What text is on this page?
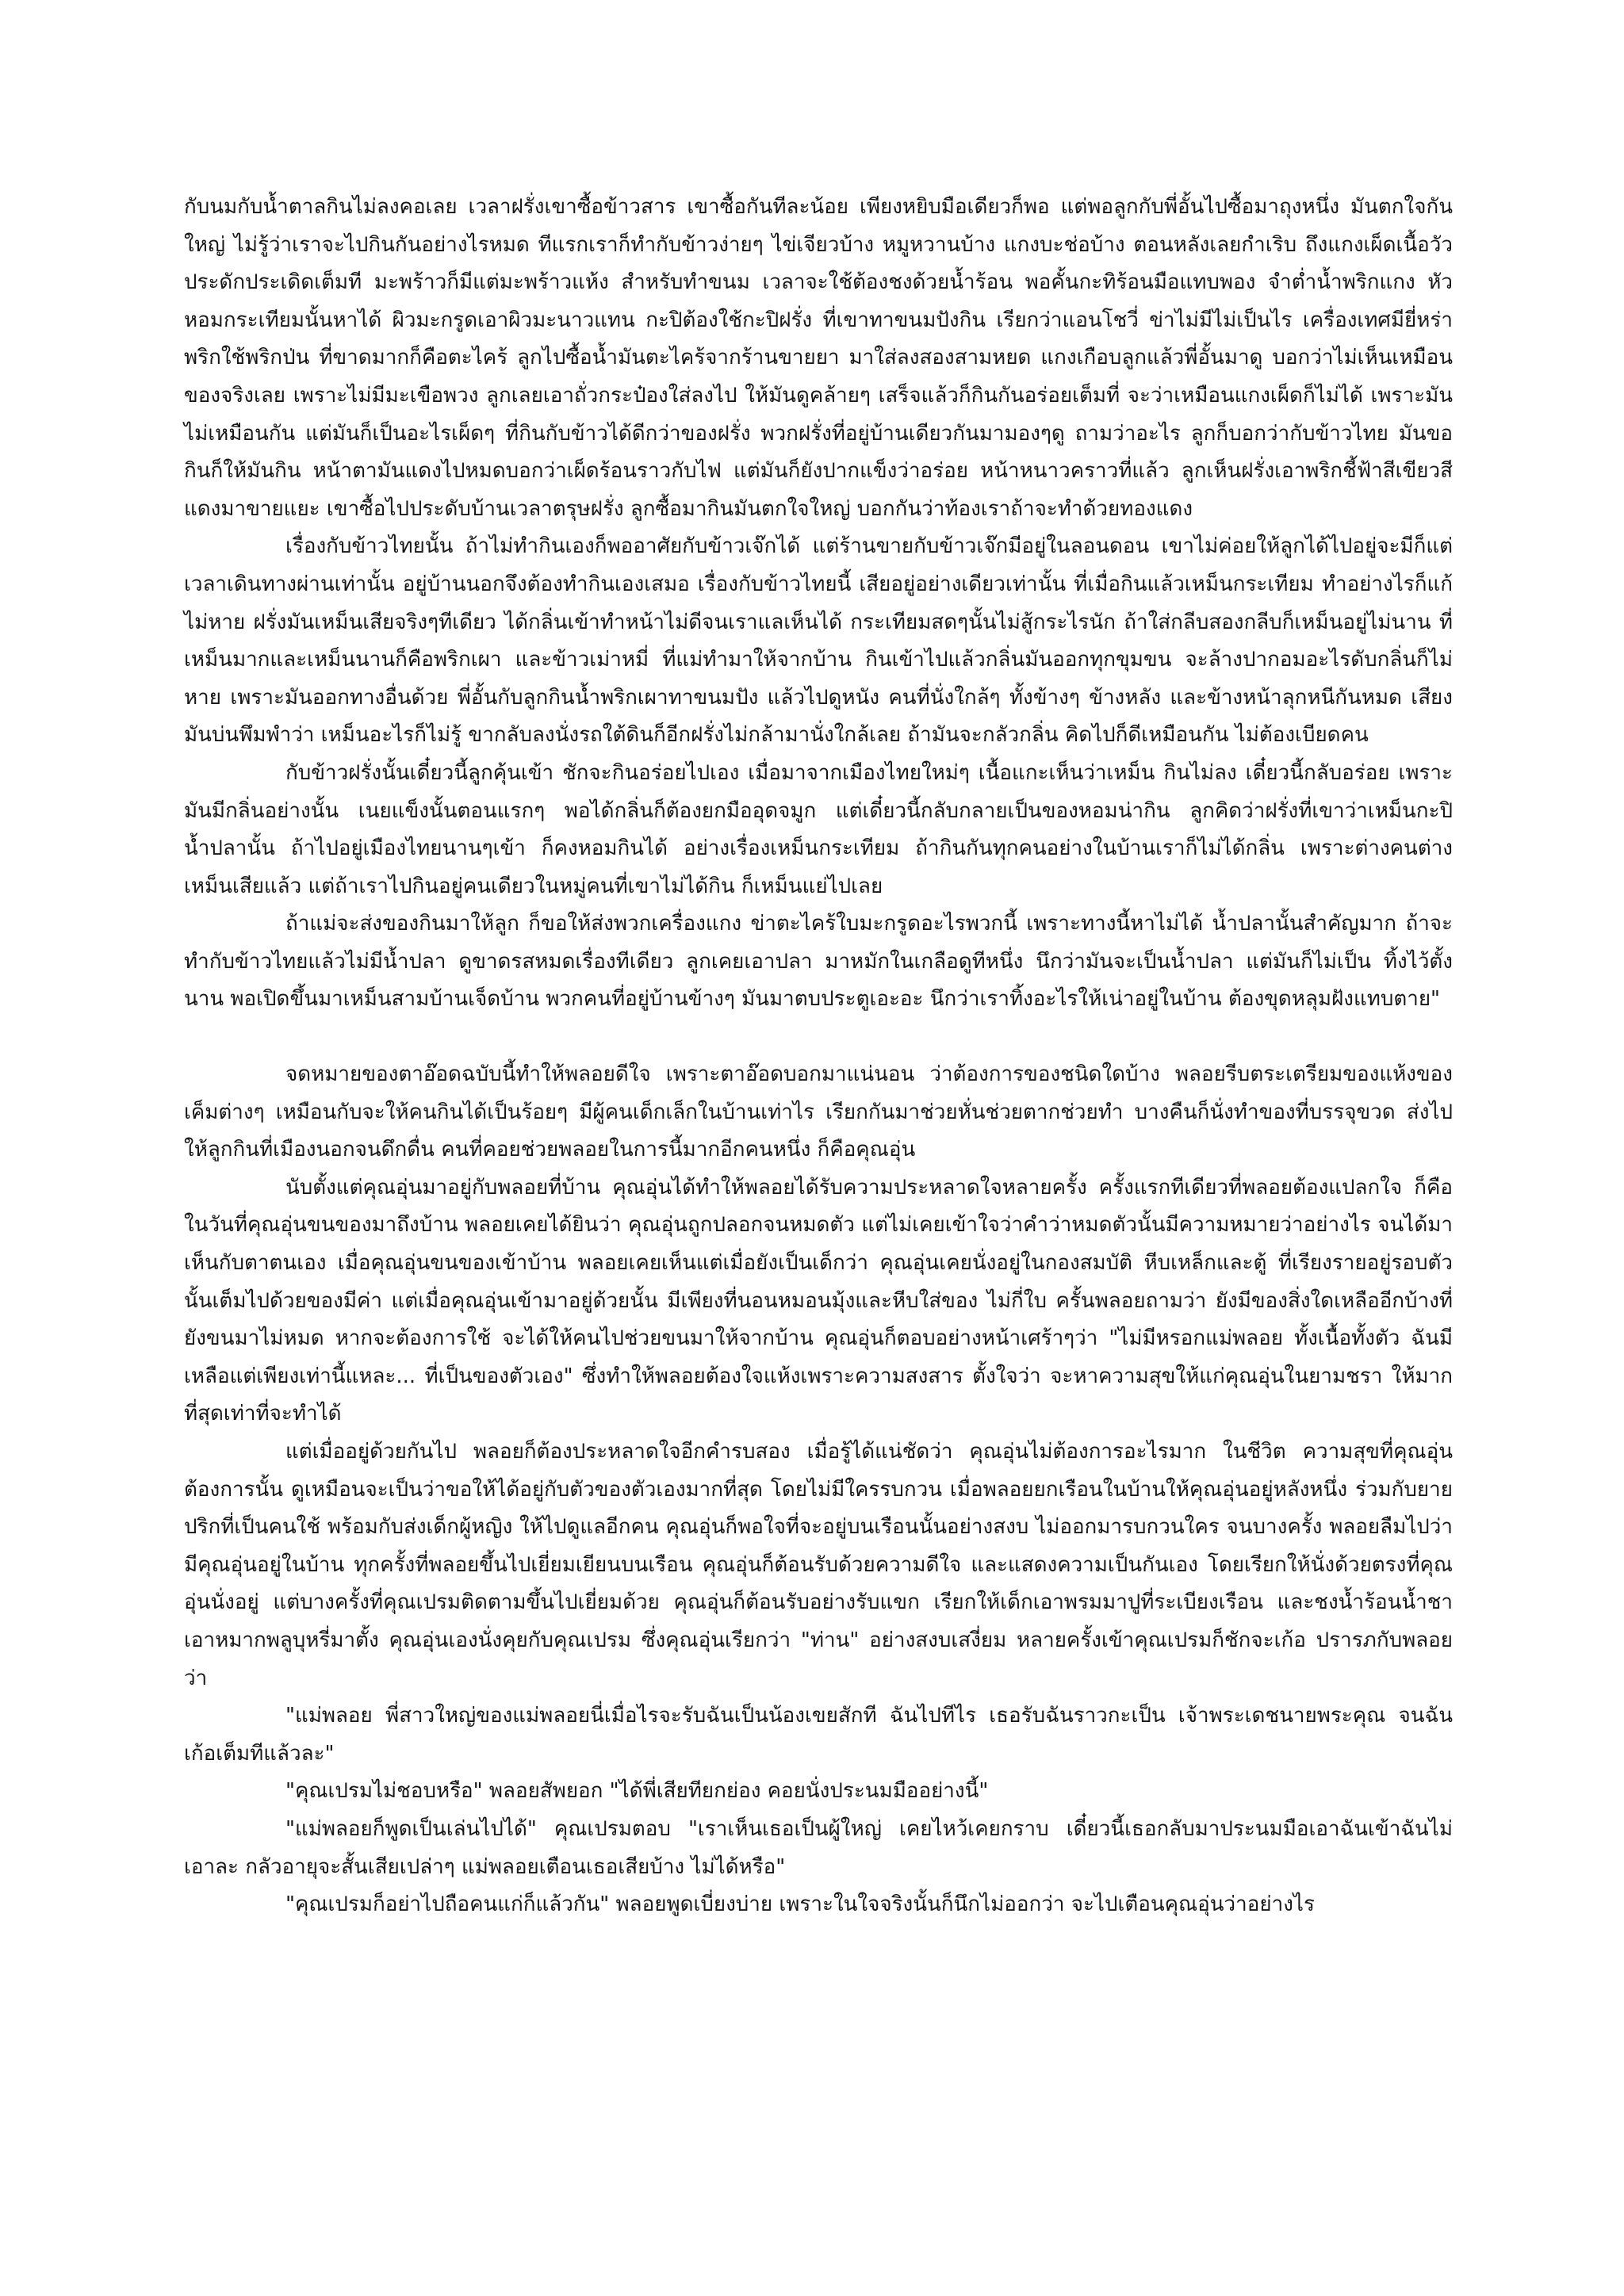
กับนมกับน้ำตาลกินไม่ลงคอเลย เวลาฝรั่งเขาซื้อข้าวสาร เขาซื้อกันทีละน้อย เพียงหยิบมือเดียวก็พอ แต่พอลูกกับพี่อั้นไปซื้อมาถุงหนึ่ง มันตกใจกันใหญ่ ไม่รู้ว่าเราจะไปกินกันอย่างไรหมด ทีแรกเราก็ทำกับข้าวง่ายๆ ไข่เจียวบ้าง หมูหวานบ้าง แกงบะช่อบ้าง ตอนหลังเลยกำเริบ ถึงแกงเผ็ดเนื้อวัว ประดักประเดิดเต็มที มะพร้าวก็มีแต่มะพร้าวแห้ง สำหรับทำขนม เวลาจะใช้ต้องชงด้วยน้ำร้อน พอคั้นกะทิร้อนมือแทบพอง จำต่ำน้ำพริกแกง หัวหอมกระเทียมนั้นหาได้ ผิวมะกรูดเอาผิวมะนาวแทน กะปิต้องใช้กะปิฝรั่ง ที่เขาทาขนมปังกิน เรียกว่าแอนโชวี่ ข่าไม่มีไม่เป็นไร เครื่องเทศมียี่หร่า พริกใช้พริกป่น ที่ขาดมากก็คือตะไคร้ ลูกไปซื้อน้ำมันตะไคร้จากร้านขายยา มาใส่ลงสองสามหยด แกงเกือบลูกแล้วพี่อั้นมาดู บอกว่าไม่เห็นเหมือนของจริงเลย เพราะไม่มีมะเขือพวง ลูกเลยเอาถั่วกระป๋องใส่ลงไป ให้มันดูคล้ายๆ เสร็จแล้วก็กินกันอร่อยเต็มที่ จะว่าเหมือนแกงเผ็ดก็ไม่ได้ เพราะมันไม่เหมือนกัน แต่มันก็เป็นอะไรเผ็ดๆ ที่กินกับข้าวได้ดีกว่าของฝรั่ง พวกฝรั่งที่อยู่บ้านเดียวกันมามองๆดู ถามว่าอะไร ลูกก็บอกว่ากับข้าวไทย มันขอกินก็ให้มันกิน หน้าตามันแดงไปหมดบอกว่าเผ็ดร้อนราวกับไฟ แต่มันก็ยังปากแข็งว่าอร่อย หน้าหนาวคราวที่แล้ว ลูกเห็นฝรั่งเอาพริกชี้ฟ้าสีเขียวสีแดงมาขายแยะ เขาซื้อไปประดับบ้านเวลาตรุษฝรั่ง ลูกซื้อมากินมันตกใจใหญ่ บอกกันว่าท้องเราถ้าจะทำด้วยทองแดง

เรื่องกับข้าวไทยนั้น ถ้าไม่ทำกินเองก็พออาศัยกับข้าวเจ๊กได้ แต่ร้านขายกับข้าวเจ๊กมีอยู่ในลอนดอน เขาไม่ค่อยให้ลูกได้ไปอยู่จะมีก็แต่เวลาเดินทางผ่านเท่านั้น อยู่บ้านนอกจึงต้องทำกินเองเสมอ เรื่องกับข้าวไทยนี้ เสียอยู่อย่างเดียวเท่านั้น ที่เมื่อกินแล้วเหม็นกระเทียม ทำอย่างไรก็แก้ไม่หาย ฝรั่งมันเหม็นเสียจริงๆทีเดียว ได้กลิ่นเข้าทำหน้าไม่ดีจนเราแลเห็นได้ กระเทียมสดๆนั้นไม่สู้กระไรนัก ถ้าใส่กลีบสองกลีบก็เหม็นอยู่ไม่นาน ที่เหม็นมากและเหม็นนานก็คือพริกเผา และข้าวเม่าหมี่ ที่แม่ทำมาให้จากบ้าน กินเข้าไปแล้วกลิ่นมันออกทุกขุมขน จะล้างปากอมอะไรดับกลิ่นก็ไม่หาย เพราะมันออกทางอื่นด้วย พี่อั้นกับลูกกินน้ำพริกเผาทาขนมปัง แล้วไปดูหนัง คนที่นั่งใกล้ๆ ทั้งข้างๆ ข้างหลัง และข้างหน้าลุกหนีกันหมด เสียงมันบ่นพึมพำว่า เหม็นอะไรก็ไม่รู้ ขากลับลงนั่งรถใต้ดินก็อีกฝรั่งไม่กล้ามานั่งใกล้เลย ถ้ามันจะกลัวกลิ่น คิดไปก็ดีเหมือนกัน ไม่ต้องเบียดคน

กับข้าวฝรั่งนั้นเดี๋ยวนี้ลูกคุ้นเข้า ชักจะกินอร่อยไปเอง เมื่อมาจากเมืองไทยใหม่ๆ เนื้อแกะเห็นว่าเหม็น กินไม่ลง เดี๋ยวนี้กลับอร่อย เพราะมันมีกลิ่นอย่างนั้น เนยแข็งนั้นตอนแรกๆ พอได้กลิ่นก็ต้องยกมืออุดจมูก แต่เดี๋ยวนี้กลับกลายเป็นของหอมน่ากิน ลูกคิดว่าฝรั่งที่เขาว่าเหม็นกะปิน้ำปลานั้น ถ้าไปอยู่เมืองไทยนานๆเข้า ก็คงหอมกินได้ อย่างเรื่องเหม็นกระเทียม ถ้ากินกันทุกคนอย่างในบ้านเราก็ไม่ได้กลิ่น เพราะต่างคนต่างเหม็นเสียแล้ว แต่ถ้าเราไปกินอยู่คนเดียวในหมู่คนที่เขาไม่ได้กิน ก็เหม็นแย่ไปเลย

ถ้าแม่จะส่งของกินมาให้ลูก ก็ขอให้ส่งพวกเครื่องแกง ข่าตะไคร้ใบมะกรูดอะไรพวกนี้ เพราะทางนี้หาไม่ได้ น้ำปลานั้นสำคัญมาก ถ้าจะทำกับข้าวไทยแล้วไม่มีน้ำปลา ดูขาดรสหมดเรื่องทีเดียว ลูกเคยเอาปลา มาหมักในเกลือดูทีหนึ่ง นึกว่ามันจะเป็นน้ำปลา แต่มันก็ไม่เป็น ทิ้งไว้ตั้งนาน พอเปิดขึ้นมาเหม็นสามบ้านเจ็ดบ้าน พวกคนที่อยู่บ้านข้างๆ มันมาตบประตูเอะอะ นึกว่าเราทิ้งอะไรให้เน่าอยู่ในบ้าน ต้องขุดหลุมฝังแทบตาย"

จดหมายของตาอ๊อดฉบับนี้ทำให้พลอยดีใจ เพราะตาอ๊อดบอกมาแน่นอน ว่าต้องการของชนิดใดบ้าง พลอยรีบตระเตรียมของแห้งของเค็มต่างๆ เหมือนกับจะให้คนกินได้เป็นร้อยๆ มีผู้คนเด็กเล็กในบ้านเท่าไร เรียกกันมาช่วยหั่นช่วยตากช่วยทำ บางคืนก็นั่งทำของที่บรรจุขวด ส่งไปให้ลูกกินที่เมืองนอกจนดึกดื่น คนที่คอยช่วยพลอยในการนี้มากอีกคนหนึ่ง ก็คือคุณอุ่น

นับตั้งแต่คุณอุ่นมาอยู่กับพลอยที่บ้าน คุณอุ่นได้ทำให้พลอยได้รับความประหลาดใจหลายครั้ง ครั้งแรกทีเดียวที่พลอยต้องแปลกใจ ก็คือในวันที่คุณอุ่นขนของมาถึงบ้าน พลอยเคยได้ยินว่า คุณอุ่นถูกปลอกจนหมดตัว แต่ไม่เคยเข้าใจว่าคำว่าหมดตัวนั้นมีความหมายว่าอย่างไร จนได้มาเห็นกับตาตนเอง เมื่อคุณอุ่นขนของเข้าบ้าน พลอยเคยเห็นแต่เมื่อยังเป็นเด็กว่า คุณอุ่นเคยนั่งอยู่ในกองสมบัติ หีบเหล็กและตู้ ที่เรียงรายอยู่รอบตัวนั้นเต็มไปด้วยของมีค่า แต่เมื่อคุณอุ่นเข้ามาอยู่ด้วยนั้น มีเพียงที่นอนหมอนมุ้งและหีบใส่ของ ไม่กี่ใบ ครั้นพลอยถามว่า ยังมีของสิ่งใดเหลืออีกบ้างที่ยังขนมาไม่หมด หากจะต้องการใช้ จะได้ให้คนไปช่วยขนมาให้จากบ้าน คุณอุ่นก็ตอบอย่างหน้าเศร้าๆว่า "ไม่มีหรอกแม่พลอย ทั้งเนื้อทั้งตัว ฉันมีเหลือแต่เพียงเท่านี้แหละ... ที่เป็นของตัวเอง" ซึ่งทำให้พลอยต้องใจแห้งเพราะความสงสาร ตั้งใจว่า จะหาความสุขให้แก่คุณอุ่นในยามชรา ให้มากที่สุดเท่าที่จะทำได้

แต่เมื่ออยู่ด้วยกันไป พลอยก็ต้องประหลาดใจอีกคำรบสอง เมื่อรู้ได้แน่ชัดว่า คุณอุ่นไม่ต้องการอะไรมาก ในชีวิต ความสุขที่คุณอุ่นต้องการนั้น ดูเหมือนจะเป็นว่าขอให้ได้อยู่กับตัวของตัวเองมากที่สุด โดยไม่มีใครรบกวน เมื่อพลอยยกเรือนในบ้านให้คุณอุ่นอยู่หลังหนึ่ง ร่วมกับยายปริกที่เป็นคนใช้ พร้อมกับส่งเด็กผู้หญิง ให้ไปดูแลอีกคน คุณอุ่นก็พอใจที่จะอยู่บนเรือนนั้นอย่างสงบ ไม่ออกมารบกวนใคร จนบางครั้ง พลอยลืมไปว่ามีคุณอุ่นอยู่ในบ้าน ทุกครั้งที่พลอยขึ้นไปเยี่ยมเยียนบนเรือน คุณอุ่นก็ต้อนรับด้วยความดีใจ และแสดงความเป็นกันเอง โดยเรียกให้นั่งด้วยตรงที่คุณอุ่นนั่งอยู่ แต่บางครั้งที่คุณเปรมติดตามขึ้นไปเยี่ยมด้วย คุณอุ่นก็ต้อนรับอย่างรับแขก เรียกให้เด็กเอาพรมมาปูที่ระเบียงเรือน และชงน้ำร้อนน้ำชา เอาหมากพลูบุหรี่มาตั้ง คุณอุ่นเองนั่งคุยกับคุณเปรม ซึ่งคุณอุ่นเรียกว่า "ท่าน" อย่างสงบเสงี่ยม หลายครั้งเข้าคุณเปรมก็ชักจะเก้อ ปรารภกับพลอยว่า

"แม่พลอย พี่สาวใหญ่ของแม่พลอยนี่เมื่อไรจะรับฉันเป็นน้องเขยสักที ฉันไปทีไร เธอรับฉันราวกะเป็น เจ้าพระเดชนายพระคุณ จนฉันเก้อเต็มทีแล้วละ"

"คุณเปรมไม่ชอบหรือ" พลอยสัพยอก "ได้พี่เสียทียกย่อง คอยนั่งประนมมืออย่างนี้"

"แม่พลอยก็พูดเป็นเล่นไปได้" คุณเปรมตอบ "เราเห็นเธอเป็นผู้ใหญ่ เคยไหว้เคยกราบ เดี๋ยวนี้เธอกลับมาประนมมือเอาฉันเข้าฉันไม่เอาละ กลัวอายุจะสั้นเสียเปล่าๆ แม่พลอยเตือนเธอเสียบ้าง ไม่ได้หรือ"

"คุณเปรมก็อย่าไปถือคนแก่ก็แล้วกัน" พลอยพูดเบี่ยงบ่าย เพราะในใจจริงนั้นก็นึกไม่ออกว่า จะไปเตือนคุณอุ่นว่าอย่างไร
